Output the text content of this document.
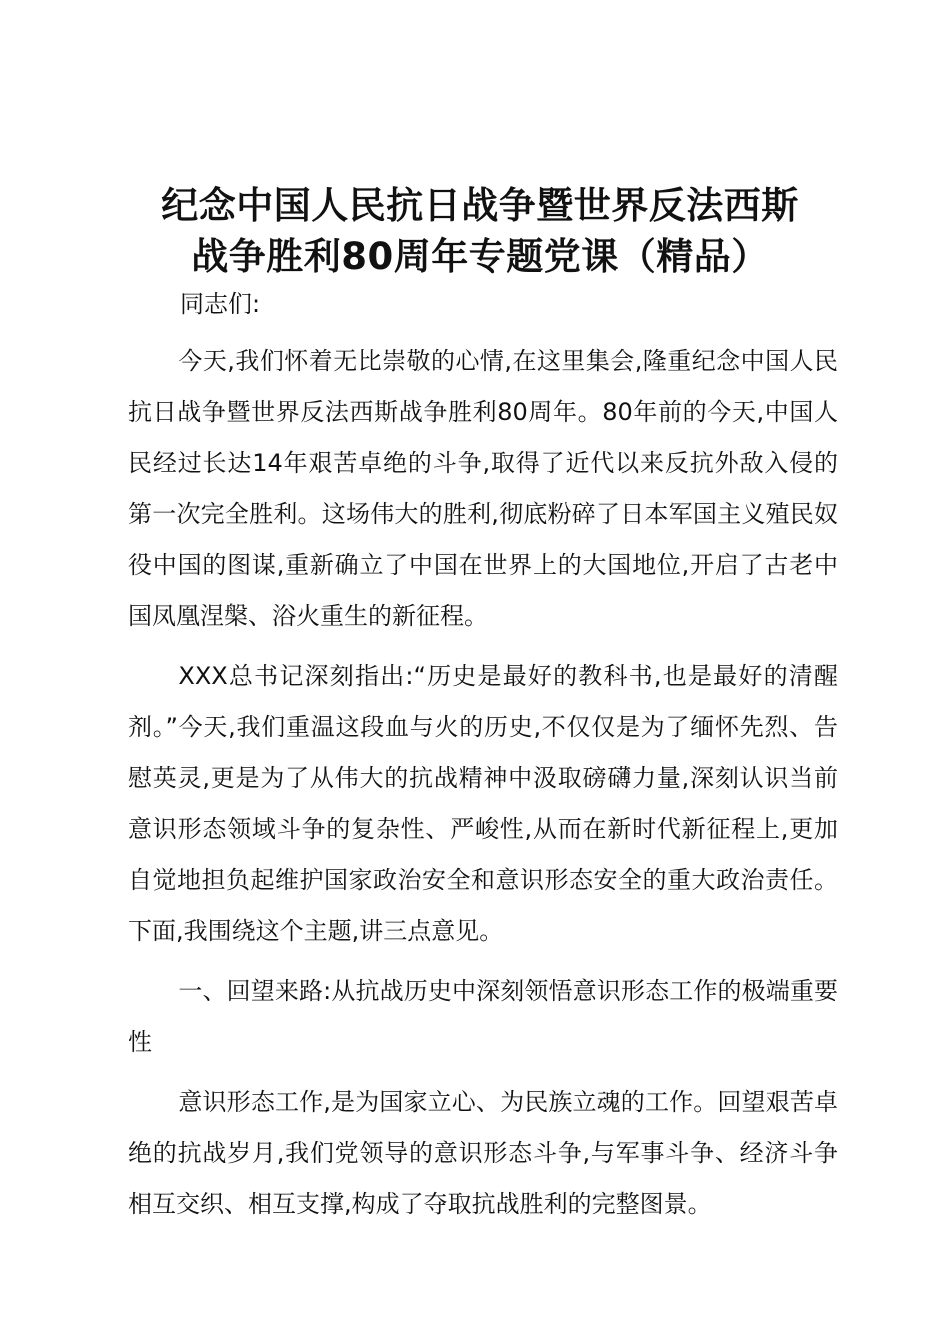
纪念中国人民抗日战争暨世界反法西斯
战争胜利80周年专题党课（精品）
同志们:

今天,我们怀着无比崇敬的心情,在这里集会,隆重纪念中国人民抗日战争暨世界反法西斯战争胜利80周年。80年前的今天,中国人民经过长达14年艰苦卓绝的斗争,取得了近代以来反抗外敌入侵的第一次完全胜利。这场伟大的胜利,彻底粉碎了日本军国主义殖民奴役中国的图谋,重新确立了中国在世界上的大国地位,开启了古老中国凤凰涅槃、浴火重生的新征程。

XXX总书记深刻指出:“历史是最好的教科书,也是最好的清醒剂。”今天,我们重温这段血与火的历史,不仅仅是为了缅怀先烈、告慰英灵,更是为了从伟大的抗战精神中汲取磅礴力量,深刻认识当前意识形态领域斗争的复杂性、严峻性,从而在新时代新征程上,更加自觉地担负起维护国家政治安全和意识形态安全的重大政治责任。下面,我围绕这个主题,讲三点意见。

一、回望来路:从抗战历史中深刻领悟意识形态工作的极端重要性

意识形态工作,是为国家立心、为民族立魂的工作。回望艰苦卓绝的抗战岁月,我们党领导的意识形态斗争,与军事斗争、经济斗争相互交织、相互支撑,构成了夺取抗战胜利的完整图景。
